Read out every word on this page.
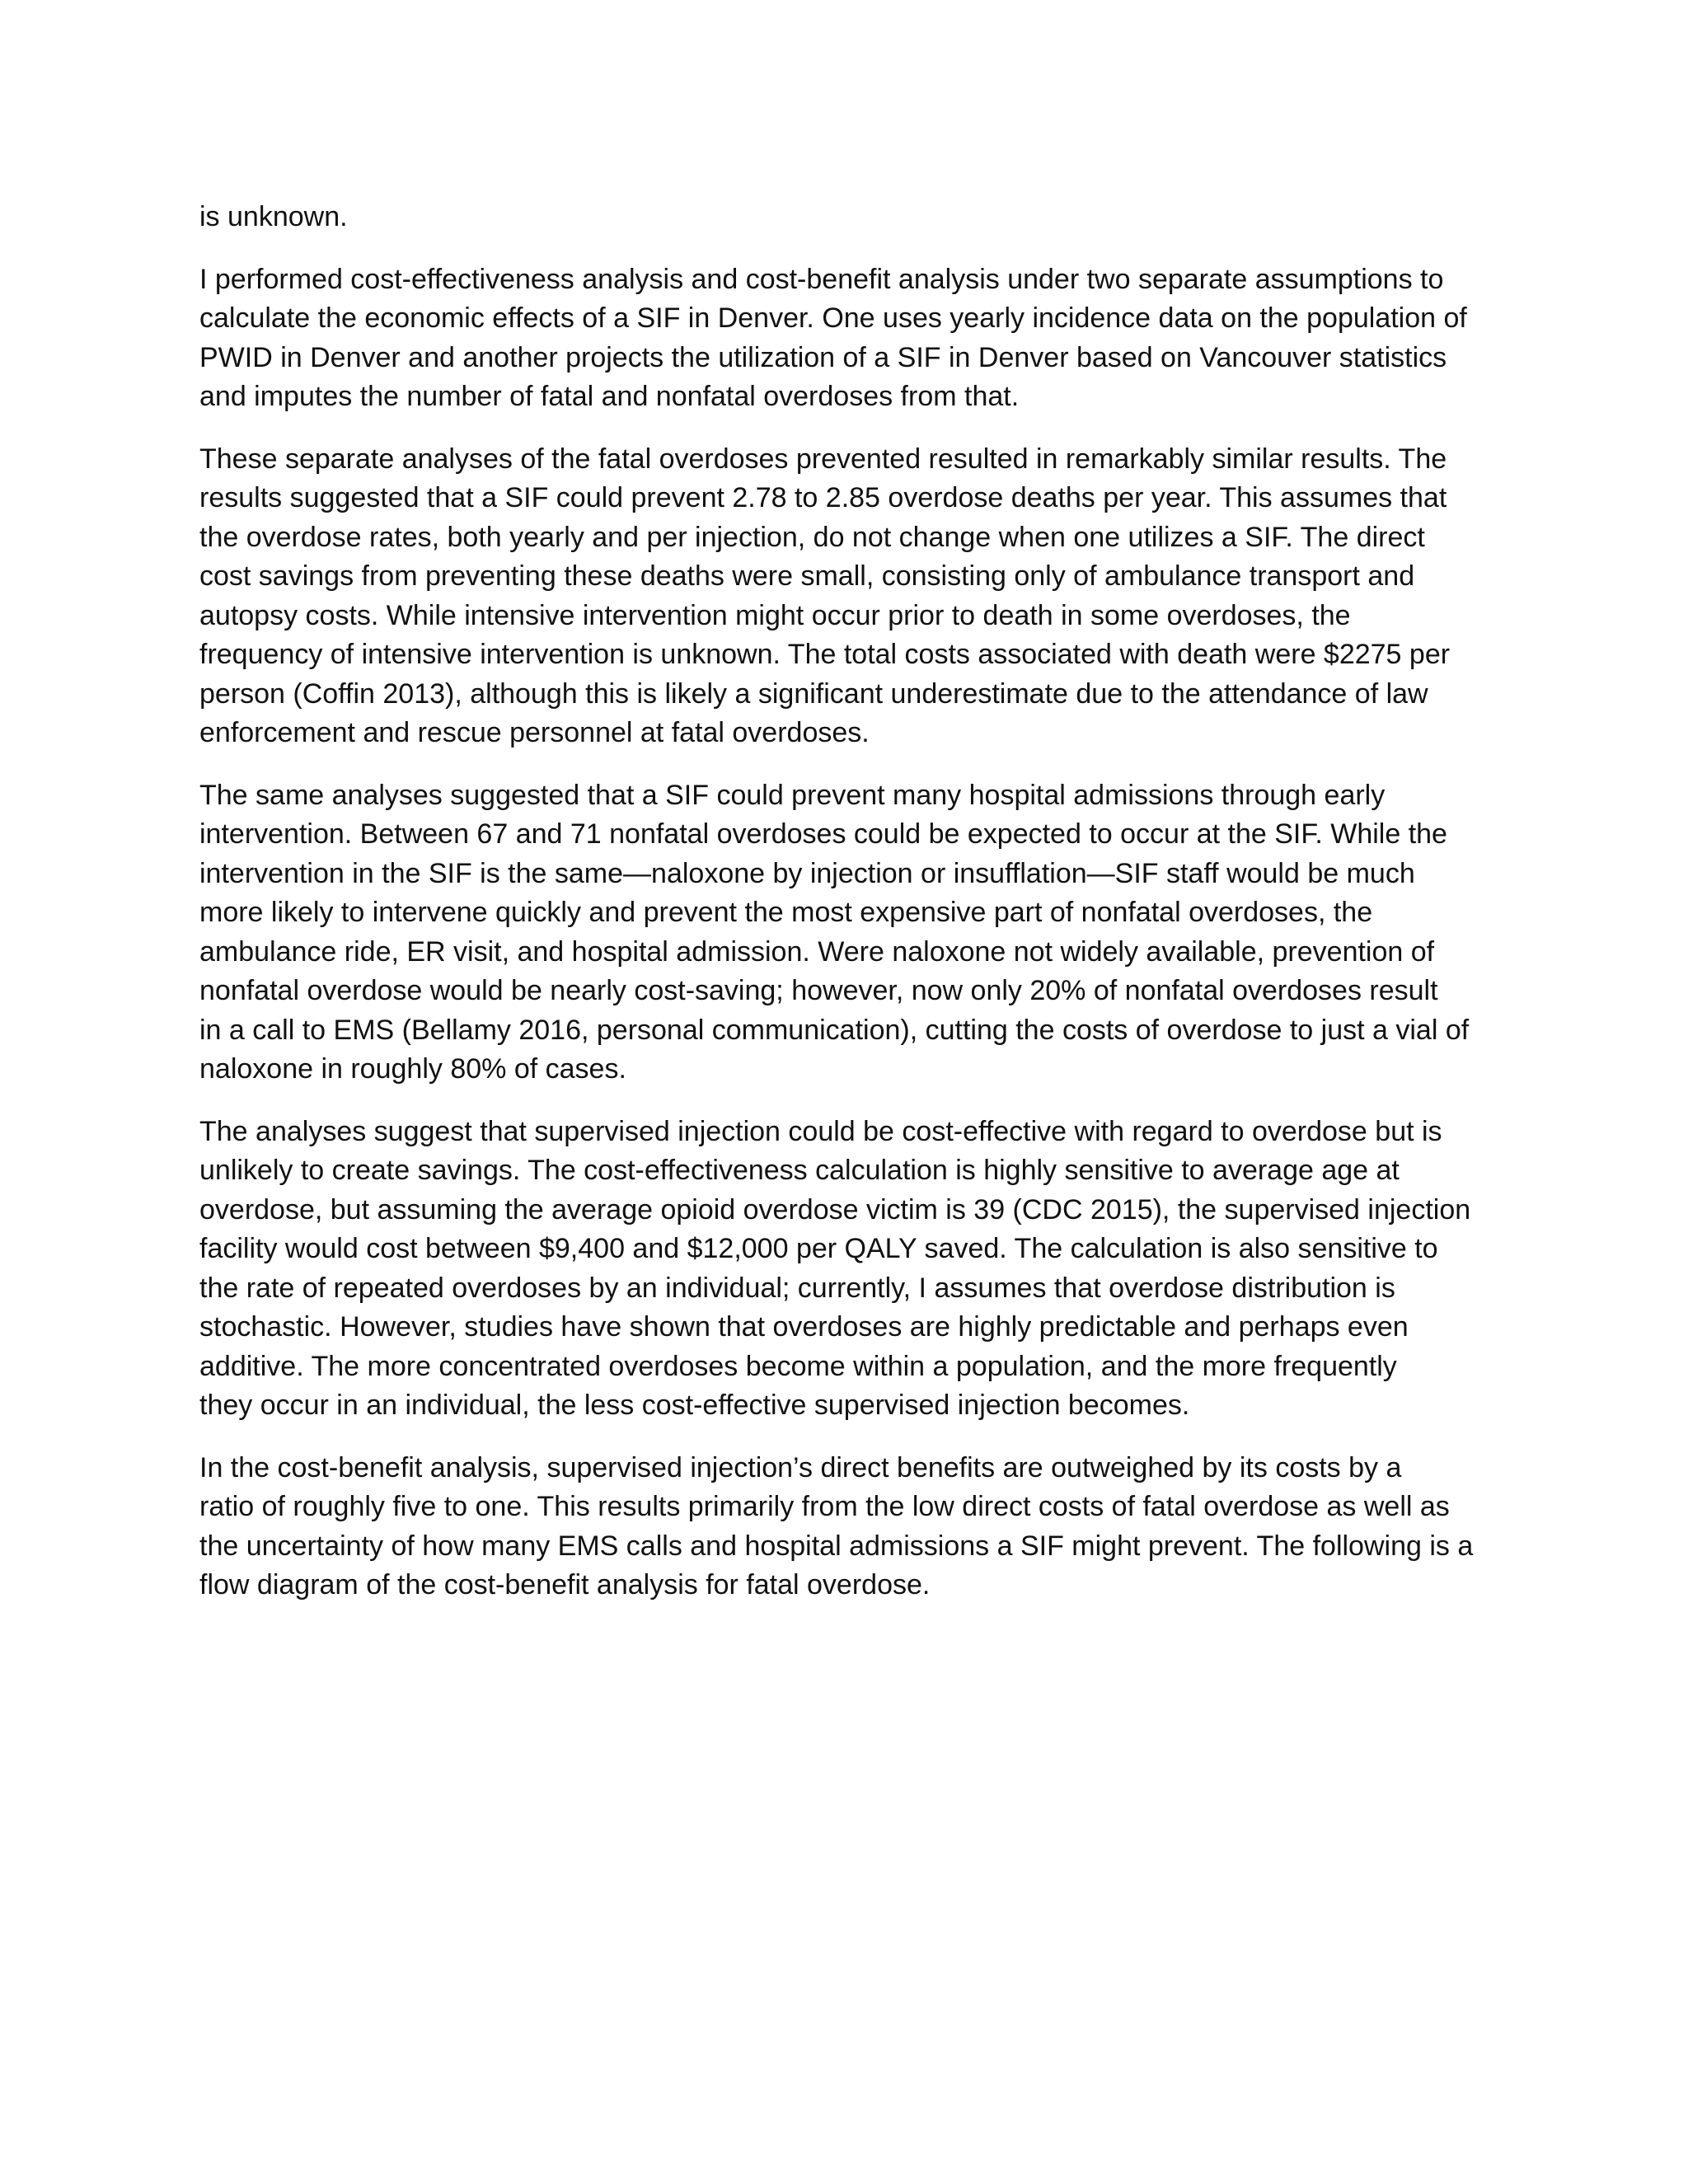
is unknown.

I performed cost-effectiveness analysis and cost-benefit analysis under two separate assumptions to
calculate the economic effects of a SIF in Denver. One uses yearly incidence data on the population of
PWID in Denver and another projects the utilization of a SIF in Denver based on Vancouver statistics
and imputes the number of fatal and nonfatal overdoses from that.

These separate analyses of the fatal overdoses prevented resulted in remarkably similar results. The
results suggested that a SIF could prevent 2.78 to 2.85 overdose deaths per year. This assumes that
the overdose rates, both yearly and per injection, do not change when one utilizes a SIF. The direct
cost savings from preventing these deaths were small, consisting only of ambulance transport and
autopsy costs. While intensive intervention might occur prior to death in some overdoses, the
frequency of intensive intervention is unknown. The total costs associated with death were $2275 per
person (Coffin 2013), although this is likely a significant underestimate due to the attendance of law
enforcement and rescue personnel at fatal overdoses.

The same analyses suggested that a SIF could prevent many hospital admissions through early
intervention. Between 67 and 71 nonfatal overdoses could be expected to occur at the SIF. While the
intervention in the SIF is the same—naloxone by injection or insufflation—SIF staff would be much
more likely to intervene quickly and prevent the most expensive part of nonfatal overdoses, the
ambulance ride, ER visit, and hospital admission. Were naloxone not widely available, prevention of
nonfatal overdose would be nearly cost-saving; however, now only 20% of nonfatal overdoses result
in a call to EMS (Bellamy 2016, personal communication), cutting the costs of overdose to just a vial of
naloxone in roughly 80% of cases.

The analyses suggest that supervised injection could be cost-effective with regard to overdose but is
unlikely to create savings. The cost-effectiveness calculation is highly sensitive to average age at
overdose, but assuming the average opioid overdose victim is 39 (CDC 2015), the supervised injection
facility would cost between $9,400 and $12,000 per QALY saved. The calculation is also sensitive to
the rate of repeated overdoses by an individual; currently, I assumes that overdose distribution is
stochastic. However, studies have shown that overdoses are highly predictable and perhaps even
additive. The more concentrated overdoses become within a population, and the more frequently
they occur in an individual, the less cost-effective supervised injection becomes.

In the cost-benefit analysis, supervised injection’s direct benefits are outweighed by its costs by a
ratio of roughly five to one. This results primarily from the low direct costs of fatal overdose as well as
the uncertainty of how many EMS calls and hospital admissions a SIF might prevent. The following is a
flow diagram of the cost-benefit analysis for fatal overdose.
